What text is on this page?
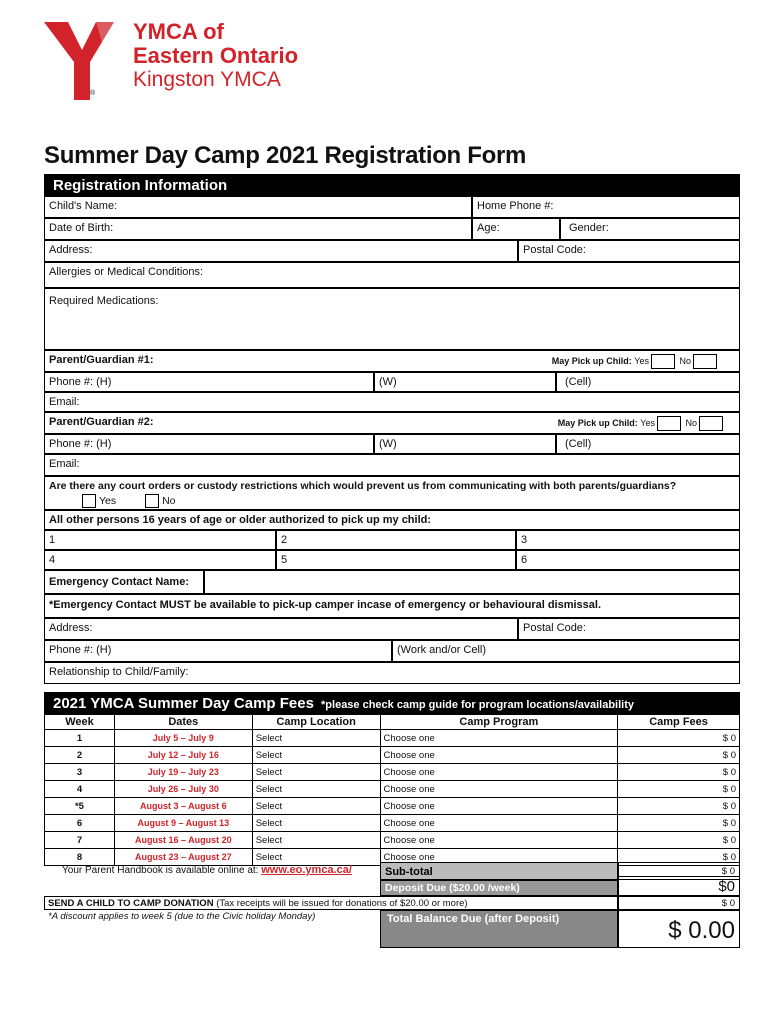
®
YMCA of
Eastern Ontario
Kingston YMCA
Summer Day Camp 2021 Registration Form
Registration Information
Child's Name:	Home Phone #:
Date of Birth:	Age:	Gender:
Address:	Postal Code:
Allergies or Medical Conditions:
Required Medications:
Parent/Guardian #1:	May Pick up Child: Yes	No
Phone #: (H)	(W)	(Cell)
Email:
Parent/Guardian #2:	May Pick up Child: Yes	No
Phone #: (H)	(W)	(Cell)
Email:
Are there any court orders or custody restrictions which would prevent us from communicating with both parents/guardians?
Yes	No
All other persons 16 years of age or older authorized to pick up my child:
1	2	3
4	5	6
Emergency Contact Name:
*Emergency Contact MUST be available to pick-up camper incase of emergency or behavioural dismissal.
Address:	Postal Code:
Phone #: (H)	(Work and/or Cell)
Relationship to Child/Family:
2021 YMCA Summer Day Camp Fees *please check camp guide for program locations/availability
Week	Dates	Camp Location	Camp Program	Camp Fees
1	July 5 – July 9	Select	Choose one	$ 0
2	July 12 – July 16	Select	Choose one	$ 0
3	July 19 – July 23	Select	Choose one	$ 0
4	July 26 – July 30	Select	Choose one	$ 0
*5	August 3 – August 6	Select	Choose one	$ 0
6	August 9 – August 13	Select	Choose one	$ 0
7	August 16 – August 20	Select	Choose one	$ 0
8	August 23 – August 27	Select	Choose one	$ 0
Your Parent Handbook is available online at: www.eo.ymca.ca/	Sub-total	$ 0
Deposit Due ($20.00 /week)	$0
SEND A CHILD TO CAMP DONATION (Tax receipts will be issued for donations of $20.00 or more)	$ 0
*A discount applies to week 5 (due to the Civic holiday Monday)	Total Balance Due (after Deposit)	$ 0.00
